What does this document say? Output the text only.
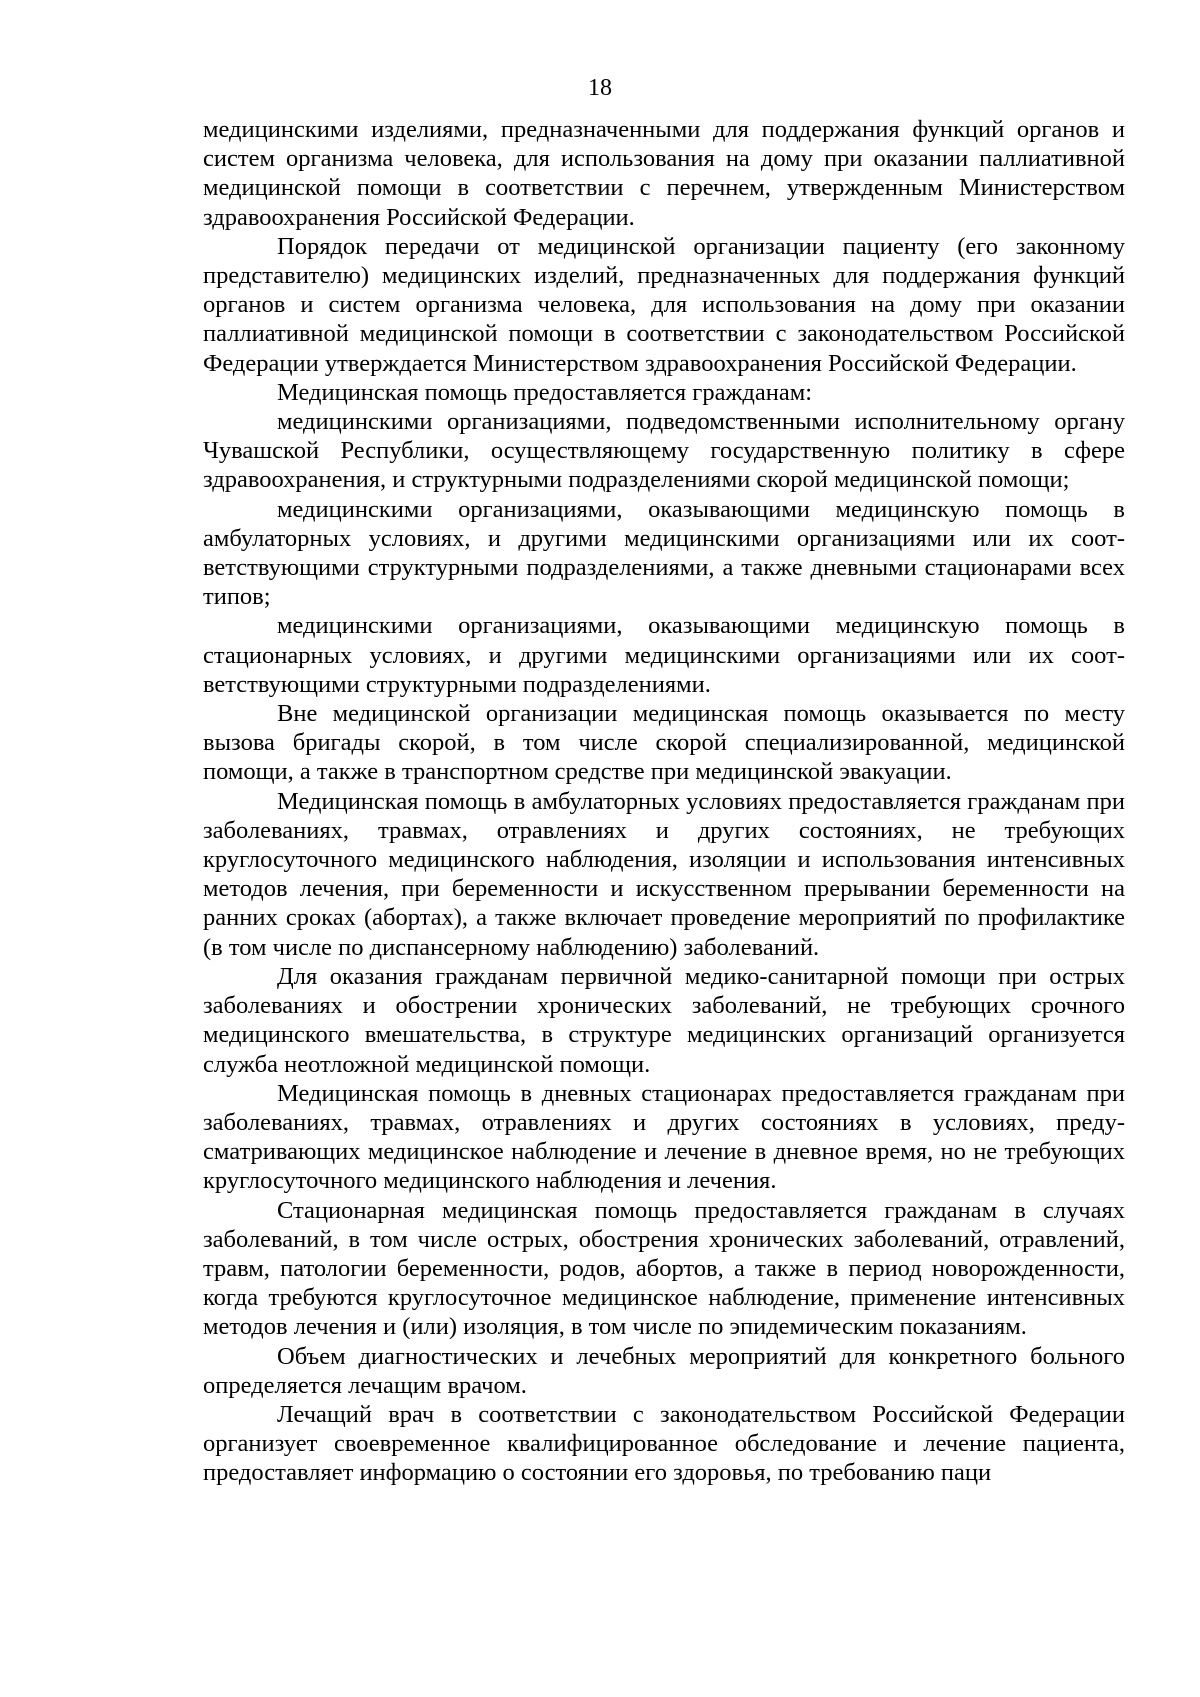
18

медицинскими изделиями, предназначенными для поддержания функций органов и систем организма человека, для использования на дому при оказании паллиативной медицинской помощи в соответствии с перечнем, утвержденным Министерством здравоохранения Российской Федерации.

Порядок передачи от медицинской организации пациенту (его законному представителю) медицинских изделий, предназначенных для поддержания функций органов и систем организма человека, для использования на дому при оказании паллиативной медицинской помощи в соответствии с законодательством Российской Федерации утверждается Министерством здравоохранения Российской Федерации.

Медицинская помощь предоставляется гражданам:

медицинскими организациями, подведомственными исполнительному органу Чувашской Республики, осуществляющему государственную политику в сфере здравоохранения, и структурными подразделениями скорой медицинской помощи;

медицинскими организациями, оказывающими медицинскую помощь в амбулаторных условиях, и другими медицинскими организациями или их соответствующими структурными подразделениями, а также дневными стационарами всех типов;

медицинскими организациями, оказывающими медицинскую помощь в стационарных условиях, и другими медицинскими организациями или их соответствующими структурными подразделениями.

Вне медицинской организации медицинская помощь оказывается по месту вызова бригады скорой, в том числе скорой специализированной, медицинской помощи, а также в транспортном средстве при медицинской эвакуации.

Медицинская помощь в амбулаторных условиях предоставляется гражданам при заболеваниях, травмах, отравлениях и других состояниях, не требующих круглосуточного медицинского наблюдения, изоляции и использования интенсивных методов лечения, при беременности и искусственном прерывании беременности на ранних сроках (абортах), а также включает проведение мероприятий по профилактике (в том числе по диспансерному наблюдению) заболеваний.

Для оказания гражданам первичной медико-санитарной помощи при острых заболеваниях и обострении хронических заболеваний, не требующих срочного медицинского вмешательства, в структуре медицинских организаций организуется служба неотложной медицинской помощи.

Медицинская помощь в дневных стационарах предоставляется гражданам при заболеваниях, травмах, отравлениях и других состояниях в условиях, предусматривающих медицинское наблюдение и лечение в дневное время, но не требующих круглосуточного медицинского наблюдения и лечения.

Стационарная медицинская помощь предоставляется гражданам в случаях заболеваний, в том числе острых, обострения хронических заболеваний, отравлений, травм, патологии беременности, родов, абортов, а также в период новорожденности, когда требуются круглосуточное медицинское наблюдение, применение интенсивных методов лечения и (или) изоляция, в том числе по эпидемическим показаниям.

Объем диагностических и лечебных мероприятий для конкретного больного определяется лечащим врачом.

Лечащий врач в соответствии с законодательством Российской Федерации организует своевременное квалифицированное обследование и лечение пациента, предоставляет информацию о состоянии его здоровья, по требованию паци
